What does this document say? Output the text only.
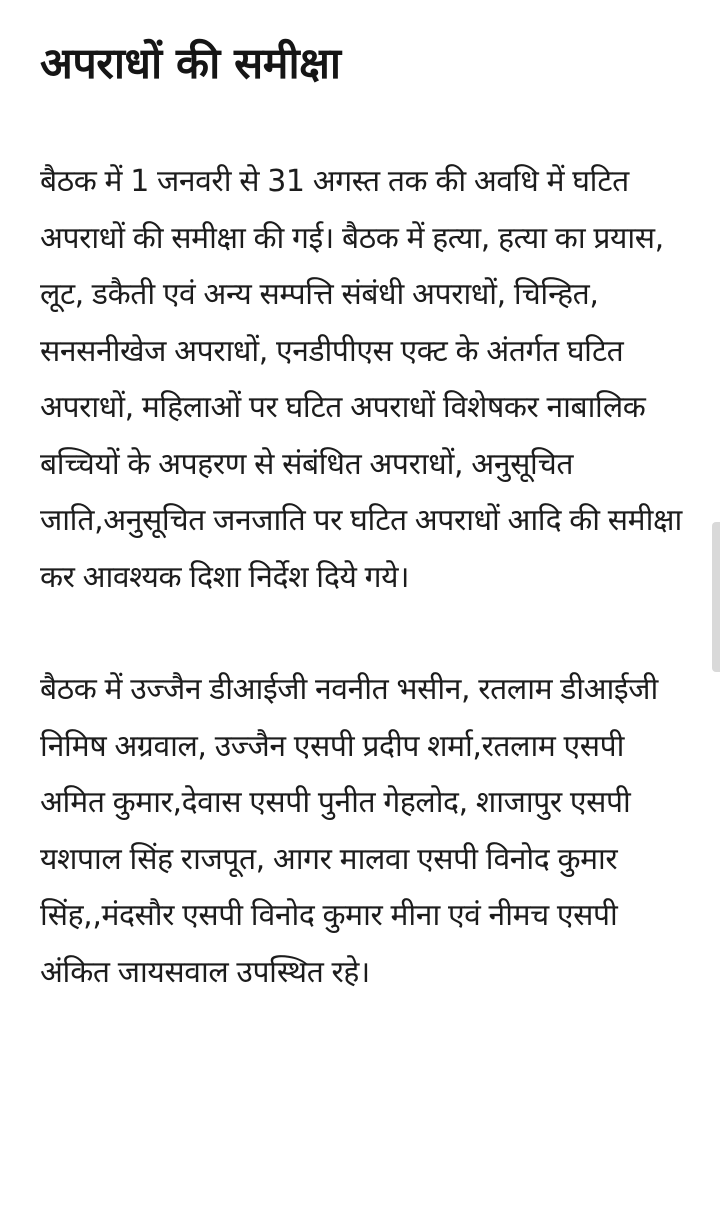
अपराधों की समीक्षा

बैठक में 1 जनवरी से 31 अगस्त तक की अवधि में घटित अपराधों की समीक्षा की गई। बैठक में हत्या, हत्या का प्रयास, लूट, डकैती एवं अन्य सम्पत्ति संबंधी अपराधों, चिन्हित, सनसनीखेज अपराधों, एनडीपीएस एक्ट के अंतर्गत घटित अपराधों, महिलाओं पर घटित अपराधों विशेषकर नाबालिक बच्चियों के अपहरण से संबंधित अपराधों, अनुसूचित जाति,अनुसूचित जनजाति पर घटित अपराधों आदि की समीक्षा कर आवश्यक दिशा निर्देश दिये गये।

बैठक में उज्जैन डीआईजी नवनीत भसीन, रतलाम डीआईजी निमिष अग्रवाल, उज्जैन एसपी प्रदीप शर्मा,रतलाम एसपी अमित कुमार,देवास एसपी पुनीत गेहलोद, शाजापुर एसपी यशपाल सिंह राजपूत, आगर मालवा एसपी विनोद कुमार सिंह,,मंदसौर एसपी विनोद कुमार मीना एवं नीमच एसपी अंकित जायसवाल उपस्थित रहे।
